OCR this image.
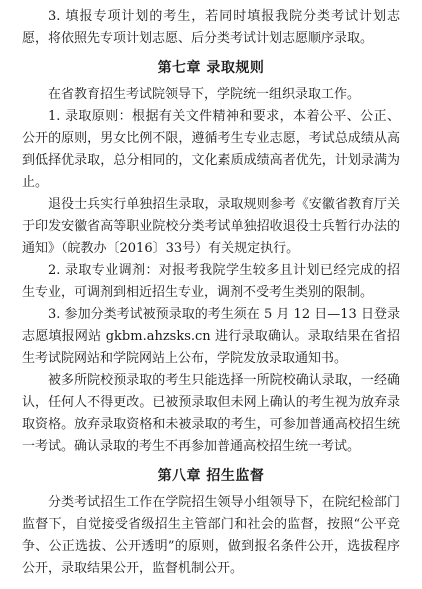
3. 填报专项计划的考生，若同时填报我院分类考试计划志愿，将依照先专项计划志愿、后分类考试计划志愿顺序录取。

第七章 录取规则

在省教育招生考试院领导下，学院统一组织录取工作。

1. 录取原则：根据有关文件精神和要求，本着公平、公正、公开的原则，男女比例不限，遵循考生专业志愿，考试总成绩从高到低择优录取，总分相同的，文化素质成绩高者优先，计划录满为止。

退役士兵实行单独招生录取，录取规则参考《安徽省教育厅关于印发安徽省高等职业院校分类考试单独招收退役士兵暂行办法的通知》（皖教办〔2016〕33号）有关规定执行。

2. 录取专业调剂：对报考我院学生较多且计划已经完成的招生专业，可调剂到相近招生专业，调剂不受考生类别的限制。

3. 参加分类考试被预录取的考生须在 5 月 12 日—13 日登录志愿填报网站 gkbm.ahzsks.cn 进行录取确认。录取结果在省招生考试院网站和学院网站上公布，学院发放录取通知书。

被多所院校预录取的考生只能选择一所院校确认录取，一经确认，任何人不得更改。已被预录取但未网上确认的考生视为放弃录取资格。放弃录取资格和未被录取的考生，可参加普通高校招生统一考试。确认录取的考生不再参加普通高校招生统一考试。

第八章 招生监督

分类考试招生工作在学院招生领导小组领导下，在院纪检部门监督下，自觉接受省级招生主管部门和社会的监督，按照“公平竞争、公正选拔、公开透明”的原则，做到报名条件公开，选拔程序公开，录取结果公开，监督机制公开。
